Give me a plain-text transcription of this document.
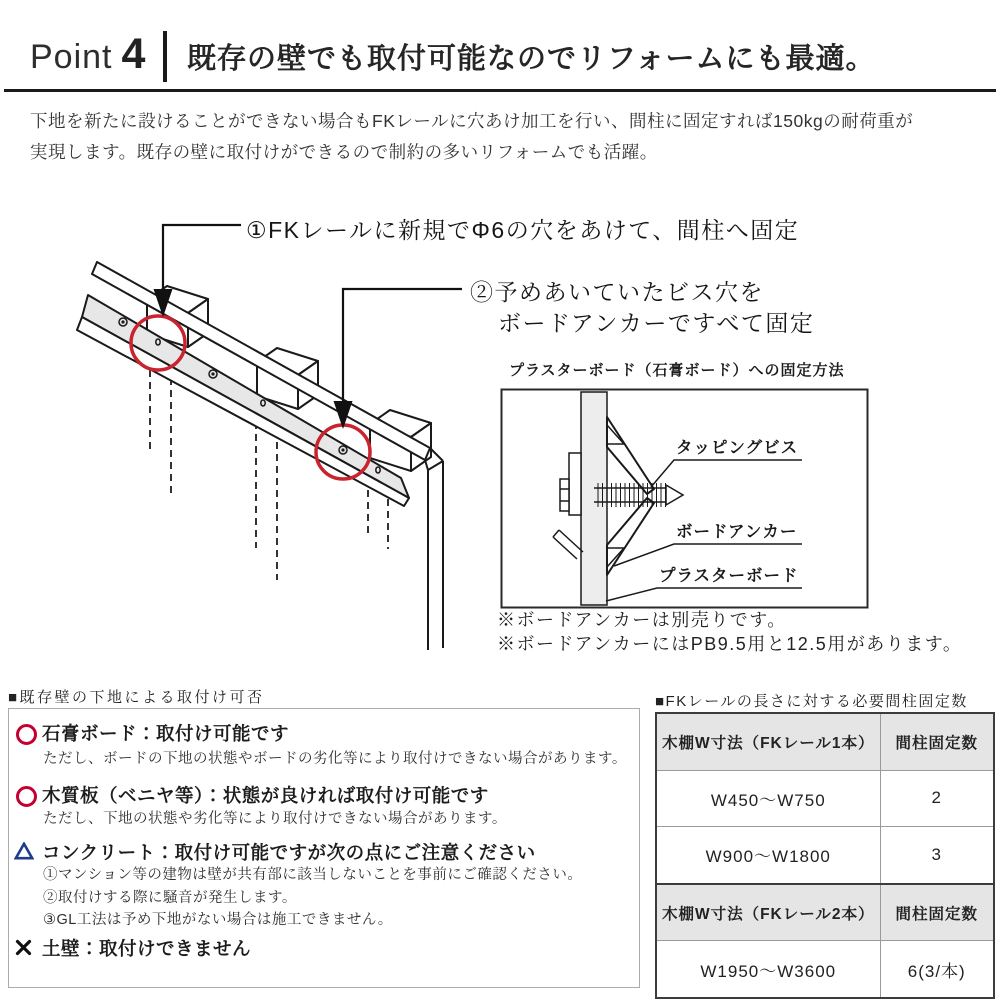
Point 4 既存の壁でも取付可能なのでリフォームにも最適。
下地を新たに設けることができない場合もFKレールに穴あけ加工を行い、間柱に固定すれば150kgの耐荷重が
実現します。既存の壁に取付けができるので制約の多いリフォームでも活躍。
①FKレールに新規でΦ6の穴をあけて、間柱へ固定
②予めあいていたビス穴を
ボードアンカーですべて固定
プラスターボード（石膏ボード）への固定方法
タッピングビス
ボードアンカー
プラスターボード
※ボードアンカーは別売りです。
※ボードアンカーにはPB9.5用と12.5用があります。
■既存壁の下地による取付け可否
石膏ボード：取付け可能です
ただし、ボードの下地の状態やボードの劣化等により取付けできない場合があります。
木質板（ベニヤ等）：状態が良ければ取付け可能です
ただし、下地の状態や劣化等により取付けできない場合があります。
コンクリート：取付け可能ですが次の点にご注意ください
①マンション等の建物は壁が共有部に該当しないことを事前にご確認ください。
②取付けする際に騒音が発生します。
③GL工法は予め下地がない場合は施工できません。
土壁：取付けできません
■FKレールの長さに対する必要間柱固定数
木棚W寸法（FKレール1本）	間柱固定数
W450～W750	2
W900～W1800	3
木棚W寸法（FKレール2本）	間柱固定数
W1950～W3600	6(3/本)
